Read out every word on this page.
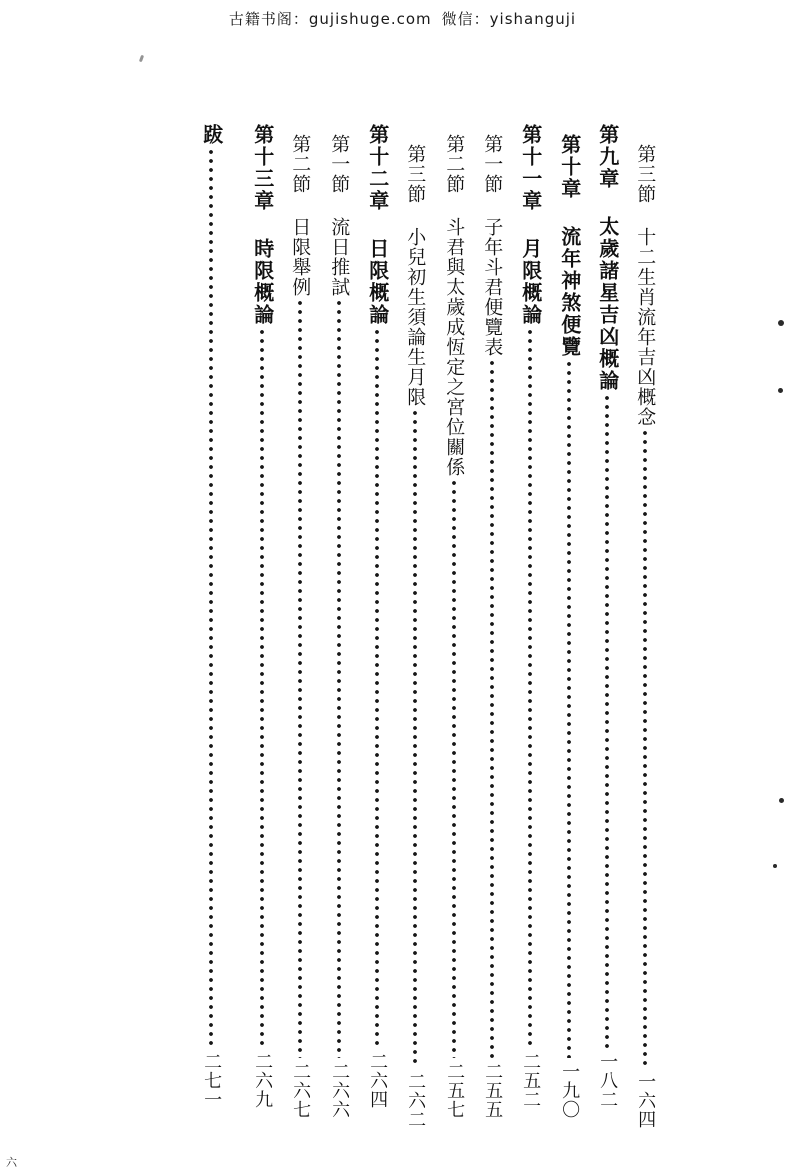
古籍书阁：gujishuge.com 微信：yishanguji
第三節 十二生肖流年吉凶概念
一六四
第九章 太歲諸星吉凶概論
一八二
第十章 流年神煞便覽
一九〇
第十一章 月限概論
二五二
第一節 子年斗君便覽表
二五五
第二節 斗君與太歲成恆定之宮位關係
二五七
第三節 小兒初生須論生月限
二六二
第十二章 日限概論
二六四
第一節 流日推試
二六六
第二節 日限舉例
二六七
第十三章 時限概論
二六九
跋
二七一
六
